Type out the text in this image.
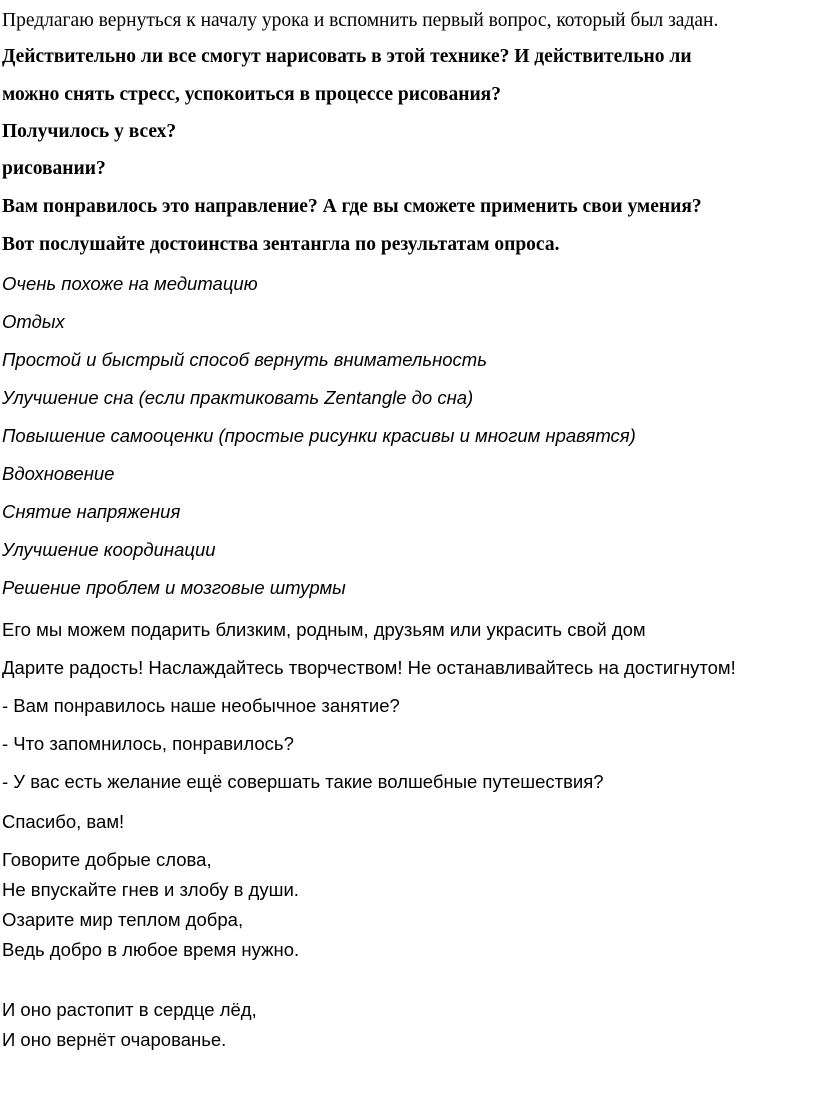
Предлагаю вернуться к началу урока и вспомнить первый вопрос, который был задан.
Действительно ли все смогут нарисовать в этой технике? И действительно ли
можно снять стресс, успокоиться в процессе рисования?
Получилось у всех?
рисовании?
Вам понравилось это направление? А где вы сможете применить свои умения?
Вот послушайте достоинства зентангла по результатам опроса.
Очень похоже на медитацию
Отдых
Простой и быстрый способ вернуть внимательность
Улучшение сна (если практиковать Zentangle до сна)
Повышение самооценки (простые рисунки красивы и многим нравятся)
Вдохновение
Снятие напряжения
Улучшение координации
Решение проблем и мозговые штурмы
Его мы можем подарить близким, родным, друзьям или украсить свой дом
Дарите радость! Наслаждайтесь творчеством! Не останавливайтесь на достигнутом!
- Вам понравилось наше необычное занятие?
- Что запомнилось, понравилось?
- У вас есть желание ещё совершать такие волшебные путешествия?
Спасибо, вам!
Говорите добрые слова,
Не впускайте гнев и злобу в души.
Озарите мир теплом добра,
Ведь добро в любое время нужно.
И оно растопит в сердце лёд,
И оно вернёт очарованье.
